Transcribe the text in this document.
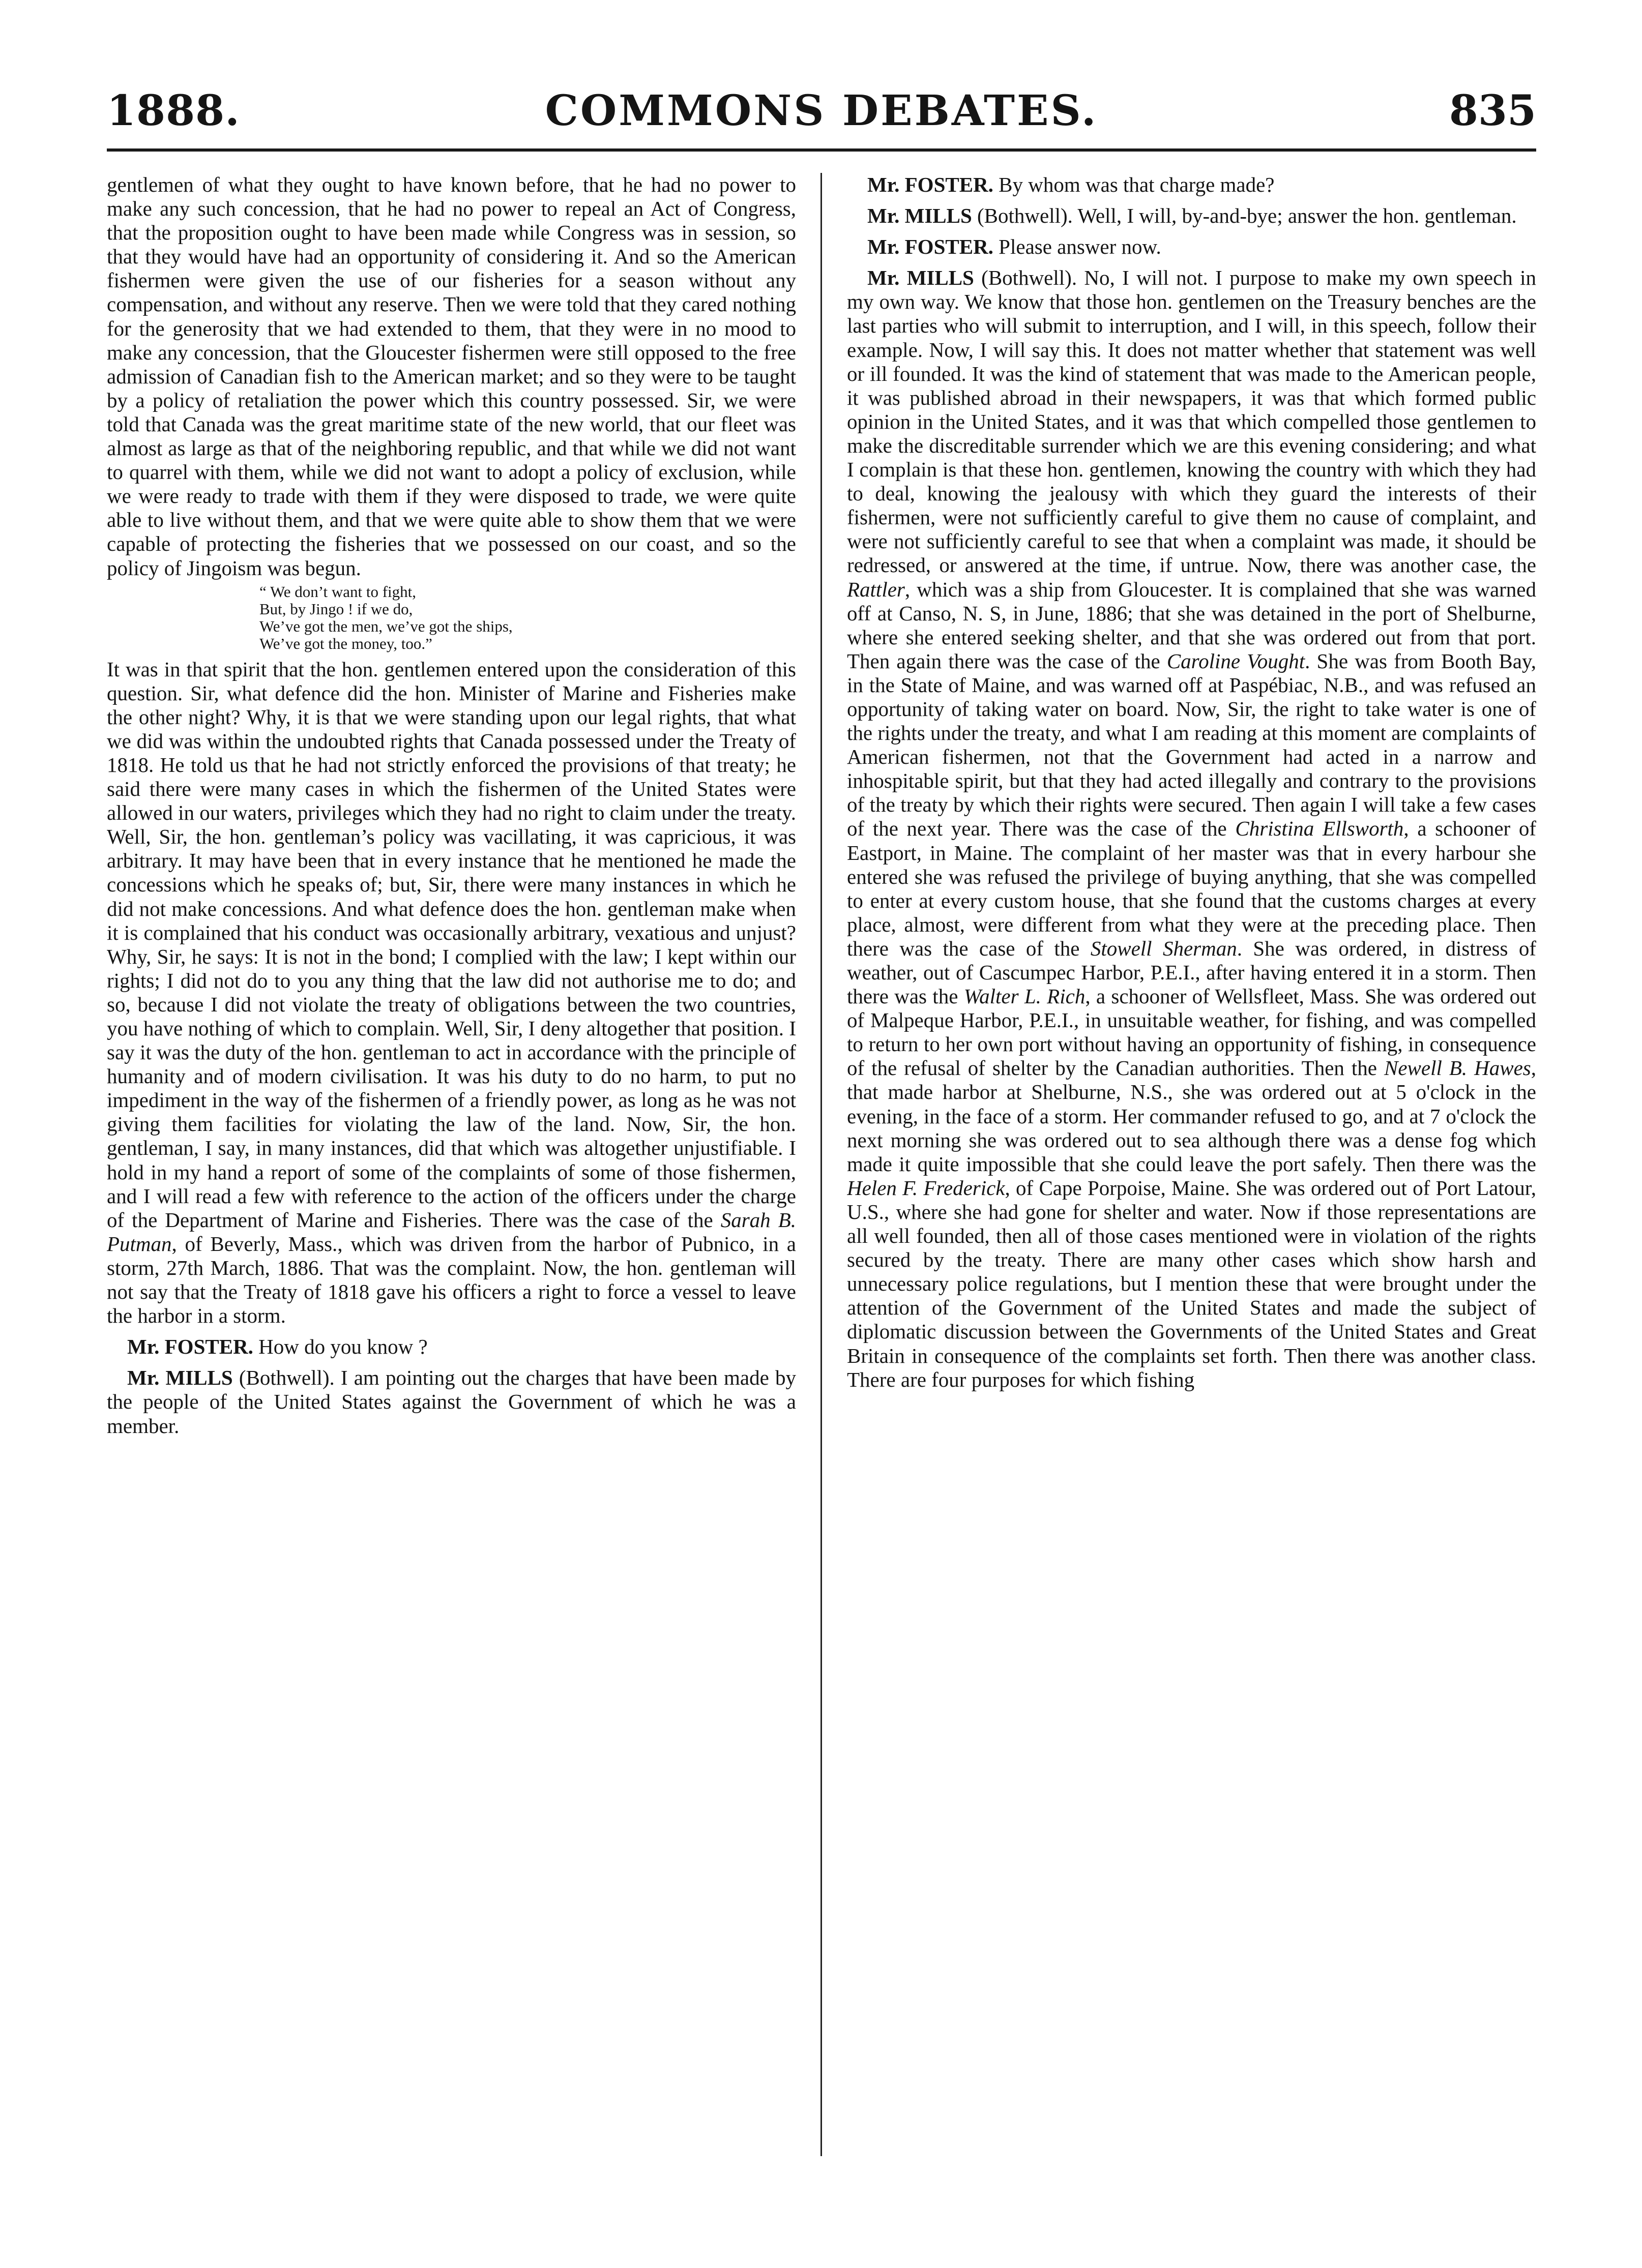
COMMONS DEBATES.
1888.	835

gentlemen of what they ought to have known before, that he had no power to make any such concession, that he had no power to repeal an Act of Congress, that the proposition ought to have been made while Congress was in session, so that they would have had an opportunity of considering it. And so the American fishermen were given the use of our fisheries for a season without any compensation, and without any reserve. Then we were told that they cared nothing for the generosity that we had extended to them, that they were in no mood to make any concession, that the Gloucester fishermen were still opposed to the free admission of Canadian fish to the American market; and so they were to be taught by a policy of retaliation the power which this country possessed. Sir, we were told that Canada was the great maritime state of the new world, that our fleet was almost as large as that of the neighboring republic, and that while we did not want to quarrel with them, while we did not want to adopt a policy of exclusion, while we were ready to trade with them if they were disposed to trade, we were quite able to live without them, and that we were quite able to show them that we were capable of protecting the fisheries that we possessed on our coast, and so the policy of Jingoism was begun.

“ We don’t want to fight,
But, by Jingo ! if we do,
We’ve got the men, we’ve got the ships,
We’ve got the money, too.”

It was in that spirit that the hon. gentlemen entered upon the consideration of this question. Sir, what defence did the hon. Minister of Marine and Fisheries make the other night? Why, it is that we were standing upon our legal rights, that what we did was within the undoubted rights that Canada possessed under the Treaty of 1818. He told us that he had not strictly enforced the provisions of that treaty; he said there were many cases in which the fishermen of the United States were allowed in our waters, privileges which they had no right to claim under the treaty. Well, Sir, the hon. gentleman’s policy was vacillating, it was capricious, it was arbitrary. It may have been that in every instance that he mentioned he made the concessions which he speaks of; but, Sir, there were many instances in which he did not make concessions. And what defence does the hon. gentleman make when it is complained that his conduct was occasionally arbitrary, vexatious and unjust? Why, Sir, he says: It is not in the bond; I complied with the law; I kept within our rights; I did not do to you any thing that the law did not authorise me to do; and so, because I did not violate the treaty of obligations between the two countries, you have nothing of which to complain. Well, Sir, I deny altogether that position. I say it was the duty of the hon. gentleman to act in accordance with the principle of humanity and of modern civilisation. It was his duty to do no harm, to put no impediment in the way of the fishermen of a friendly power, as long as he was not giving them facilities for violating the law of the land. Now, Sir, the hon. gentleman, I say, in many instances, did that which was altogether unjustifiable. I hold in my hand a report of some of the complaints of some of those fishermen, and I will read a few with reference to the action of the officers under the charge of the Department of Marine and Fisheries. There was the case of the Sarah B. Putman, of Beverly, Mass., which was driven from the harbor of Pubnico, in a storm, 27th March, 1886. That was the complaint. Now, the hon. gentleman will not say that the Treaty of 1818 gave his officers a right to force a vessel to leave the harbor in a storm.

Mr. FOSTER. How do you know ?

Mr. MILLS (Bothwell). I am pointing out the charges that have been made by the people of the United States against the Government of which he was a member.

Mr. FOSTER. By whom was that charge made?

Mr. MILLS (Bothwell). Well, I will, by-and-bye; answer the hon. gentleman.

Mr. FOSTER. Please answer now.

Mr. MILLS (Bothwell). No, I will not. I purpose to make my own speech in my own way. We know that those hon. gentlemen on the Treasury benches are the last parties who will submit to interruption, and I will, in this speech, follow their example. Now, I will say this. It does not matter whether that statement was well or ill founded. It was the kind of statement that was made to the American people, it was published abroad in their newspapers, it was that which formed public opinion in the United States, and it was that which compelled those gentlemen to make the discreditable surrender which we are this evening considering; and what I complain is that these hon. gentlemen, knowing the country with which they had to deal, knowing the jealousy with which they guard the interests of their fishermen, were not sufficiently careful to give them no cause of complaint, and were not sufficiently careful to see that when a complaint was made, it should be redressed, or answered at the time, if untrue. Now, there was another case, the Rattler, which was a ship from Gloucester. It is complained that she was warned off at Canso, N. S, in June, 1886; that she was detained in the port of Shelburne, where she entered seeking shelter, and that she was ordered out from that port. Then again there was the case of the Caroline Vought. She was from Booth Bay, in the State of Maine, and was warned off at Paspébiac, N.B., and was refused an opportunity of taking water on board. Now, Sir, the right to take water is one of the rights under the treaty, and what I am reading at this moment are complaints of American fishermen, not that the Government had acted in a narrow and inhospitable spirit, but that they had acted illegally and contrary to the provisions of the treaty by which their rights were secured. Then again I will take a few cases of the next year. There was the case of the Christina Ellsworth, a schooner of Eastport, in Maine. The complaint of her master was that in every harbour she entered she was refused the privilege of buying anything, that she was compelled to enter at every custom house, that she found that the customs charges at every place, almost, were different from what they were at the preceding place. Then there was the case of the Stowell Sherman. She was ordered, in distress of weather, out of Cascumpec Harbor, P.E.I., after having entered it in a storm. Then there was the Walter L. Rich, a schooner of Wellsfleet, Mass. She was ordered out of Malpeque Harbor, P.E.I., in unsuitable weather, for fishing, and was compelled to return to her own port without having an opportunity of fishing, in consequence of the refusal of shelter by the Canadian authorities. Then the Newell B. Hawes, that made harbor at Shelburne, N.S., she was ordered out at 5 o'clock in the evening, in the face of a storm. Her commander refused to go, and at 7 o'clock the next morning she was ordered out to sea although there was a dense fog which made it quite impossible that she could leave the port safely. Then there was the Helen F. Frederick, of Cape Porpoise, Maine. She was ordered out of Port Latour, U.S., where she had gone for shelter and water. Now if those representations are all well founded, then all of those cases mentioned were in violation of the rights secured by the treaty. There are many other cases which show harsh and unnecessary police regulations, but I mention these that were brought under the attention of the Government of the United States and made the subject of diplomatic discussion between the Governments of the United States and Great Britain in consequence of the complaints set forth. Then there was another class. There are four purposes for which fishing
